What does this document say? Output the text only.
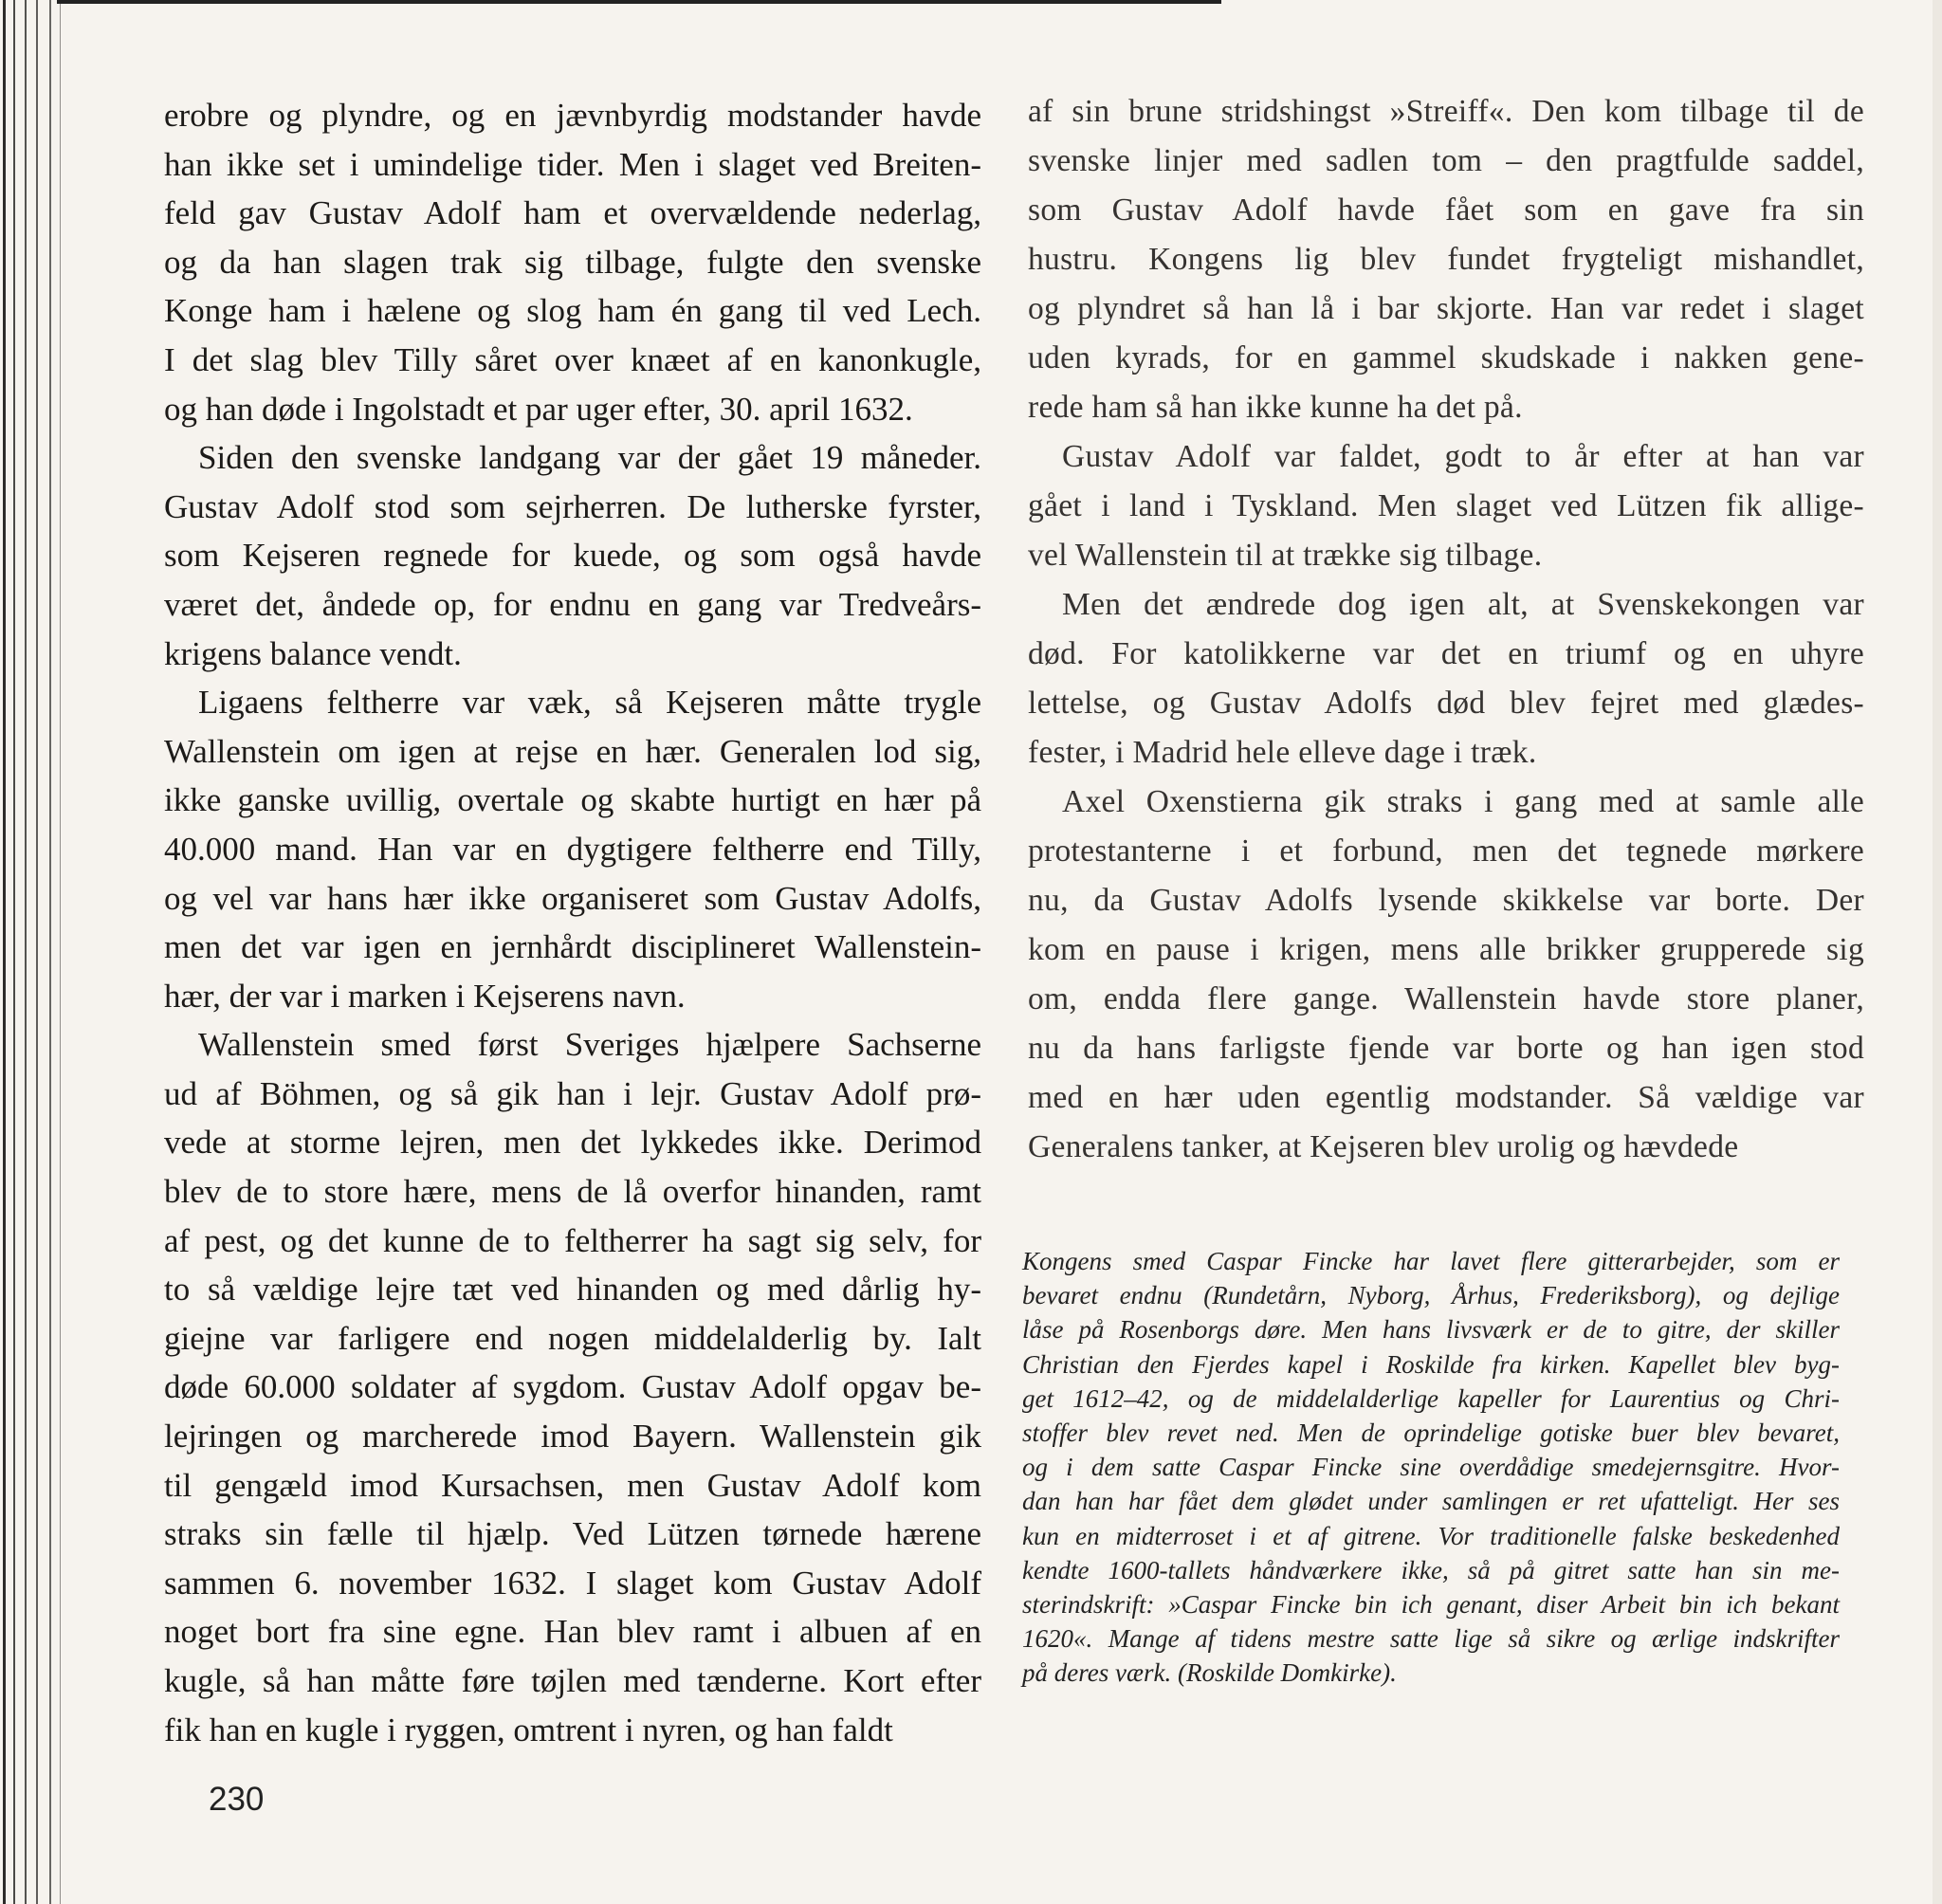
erobre og plyndre, og en jævnbyrdig modstander havde
han ikke set i umindelige tider. Men i slaget ved Breiten-
feld gav Gustav Adolf ham et overvældende nederlag,
og da han slagen trak sig tilbage, fulgte den svenske
Konge ham i hælene og slog ham én gang til ved Lech.
I det slag blev Tilly såret over knæet af en kanonkugle,
og han døde i Ingolstadt et par uger efter, 30. april 1632.
Siden den svenske landgang var der gået 19 måneder.
Gustav Adolf stod som sejrherren. De lutherske fyrster,
som Kejseren regnede for kuede, og som også havde
været det, åndede op, for endnu en gang var Tredveårs-
krigens balance vendt.
Ligaens feltherre var væk, så Kejseren måtte trygle
Wallenstein om igen at rejse en hær. Generalen lod sig,
ikke ganske uvillig, overtale og skabte hurtigt en hær på
40.000 mand. Han var en dygtigere feltherre end Tilly,
og vel var hans hær ikke organiseret som Gustav Adolfs,
men det var igen en jernhårdt disciplineret Wallenstein-
hær, der var i marken i Kejserens navn.
Wallenstein smed først Sveriges hjælpere Sachserne
ud af Böhmen, og så gik han i lejr. Gustav Adolf prø-
vede at storme lejren, men det lykkedes ikke. Derimod
blev de to store hære, mens de lå overfor hinanden, ramt
af pest, og det kunne de to feltherrer ha sagt sig selv, for
to så vældige lejre tæt ved hinanden og med dårlig hy-
giejne var farligere end nogen middelalderlig by. Ialt
døde 60.000 soldater af sygdom. Gustav Adolf opgav be-
lejringen og marcherede imod Bayern. Wallenstein gik
til gengæld imod Kursachsen, men Gustav Adolf kom
straks sin fælle til hjælp. Ved Lützen tørnede hærene
sammen 6. november 1632. I slaget kom Gustav Adolf
noget bort fra sine egne. Han blev ramt i albuen af en
kugle, så han måtte føre tøjlen med tænderne. Kort efter
fik han en kugle i ryggen, omtrent i nyren, og han faldt

af sin brune stridshingst »Streiff«. Den kom tilbage til de
svenske linjer med sadlen tom – den pragtfulde saddel,
som Gustav Adolf havde fået som en gave fra sin
hustru. Kongens lig blev fundet frygteligt mishandlet,
og plyndret så han lå i bar skjorte. Han var redet i slaget
uden kyrads, for en gammel skudskade i nakken gene-
rede ham så han ikke kunne ha det på.
Gustav Adolf var faldet, godt to år efter at han var
gået i land i Tyskland. Men slaget ved Lützen fik allige-
vel Wallenstein til at trække sig tilbage.
Men det ændrede dog igen alt, at Svenskekongen var
død. For katolikkerne var det en triumf og en uhyre
lettelse, og Gustav Adolfs død blev fejret med glædes-
fester, i Madrid hele elleve dage i træk.
Axel Oxenstierna gik straks i gang med at samle alle
protestanterne i et forbund, men det tegnede mørkere
nu, da Gustav Adolfs lysende skikkelse var borte. Der
kom en pause i krigen, mens alle brikker grupperede sig
om, endda flere gange. Wallenstein havde store planer,
nu da hans farligste fjende var borte og han igen stod
med en hær uden egentlig modstander. Så vældige var
Generalens tanker, at Kejseren blev urolig og hævdede

Kongens smed Caspar Fincke har lavet flere gitterarbejder, som er
bevaret endnu (Rundetårn, Nyborg, Århus, Frederiksborg), og dejlige
låse på Rosenborgs døre. Men hans livsværk er de to gitre, der skiller
Christian den Fjerdes kapel i Roskilde fra kirken. Kapellet blev byg-
get 1612–42, og de middelalderlige kapeller for Laurentius og Chri-
stoffer blev revet ned. Men de oprindelige gotiske buer blev bevaret,
og i dem satte Caspar Fincke sine overdådige smedejernsgitre. Hvor-
dan han har fået dem glødet under samlingen er ret ufatteligt. Her ses
kun en midterroset i et af gitrene. Vor traditionelle falske beskedenhed
kendte 1600-tallets håndværkere ikke, så på gitret satte han sin me-
sterindskrift: »Caspar Fincke bin ich genant, diser Arbeit bin ich bekant
1620«. Mange af tidens mestre satte lige så sikre og ærlige indskrifter
på deres værk. (Roskilde Domkirke).
230
